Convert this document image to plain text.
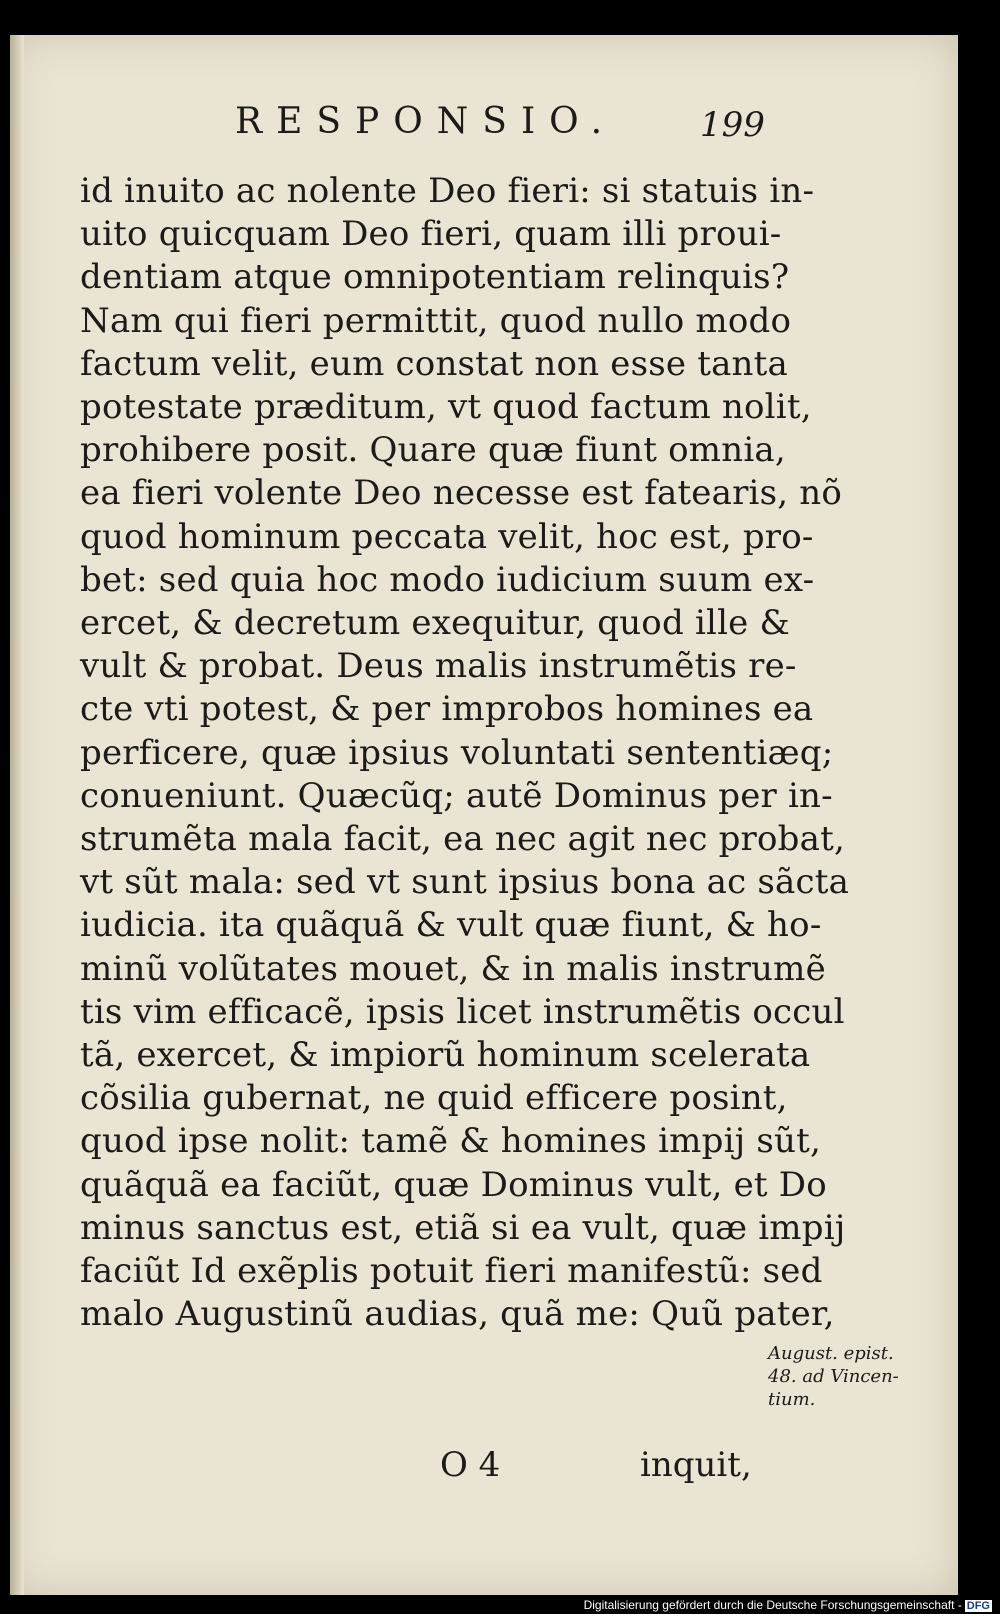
RESPONSIO. 199
id inuito ac nolente Deo fieri: si statuis in-
uito quicquam Deo fieri, quam illi proui-
dentiam atque omnipotentiam relinquis?
Nam qui fieri permittit, quod nullo modo
factum velit, eum constat non esse tanta
potestate præditum, vt quod factum nolit,
prohibere posit. Quare quæ fiunt omnia,
ea fieri volente Deo necesse est fatearis, nõ
quod hominum peccata velit, hoc est, pro-
bet: sed quia hoc modo iudicium suum ex-
ercet, & decretum exequitur, quod ille &
vult & probat. Deus malis instrumẽtis re-
cte vti potest, & per improbos homines ea
perficere, quæ ipsius voluntati sententiæq;
conueniunt. Quæcũq; autẽ Dominus per in-
strumẽta mala facit, ea nec agit nec probat,
vt sũt mala: sed vt sunt ipsius bona ac sãcta
iudicia. ita quãquã & vult quæ fiunt, & ho-
minũ volũtates mouet, & in malis instrumẽ
tis vim efficacẽ, ipsis licet instrumẽtis occul
tã, exercet, & impiorũ hominum scelerata
cõsilia gubernat, ne quid efficere posint,
quod ipse nolit: tamẽ & homines impij sũt,
quãquã ea faciũt, quæ Dominus vult, et Do
minus sanctus est, etiã si ea vult, quæ impij
faciũt Id exẽplis potuit fieri manifestũ: sed
malo Augustinũ audias, quã me: Quũ pater,
August. epist.
48. ad Vincen-
tium.
O 4	inquit,
Digitalisierung gefördert durch die Deutsche Forschungsgemeinschaft - DFG
